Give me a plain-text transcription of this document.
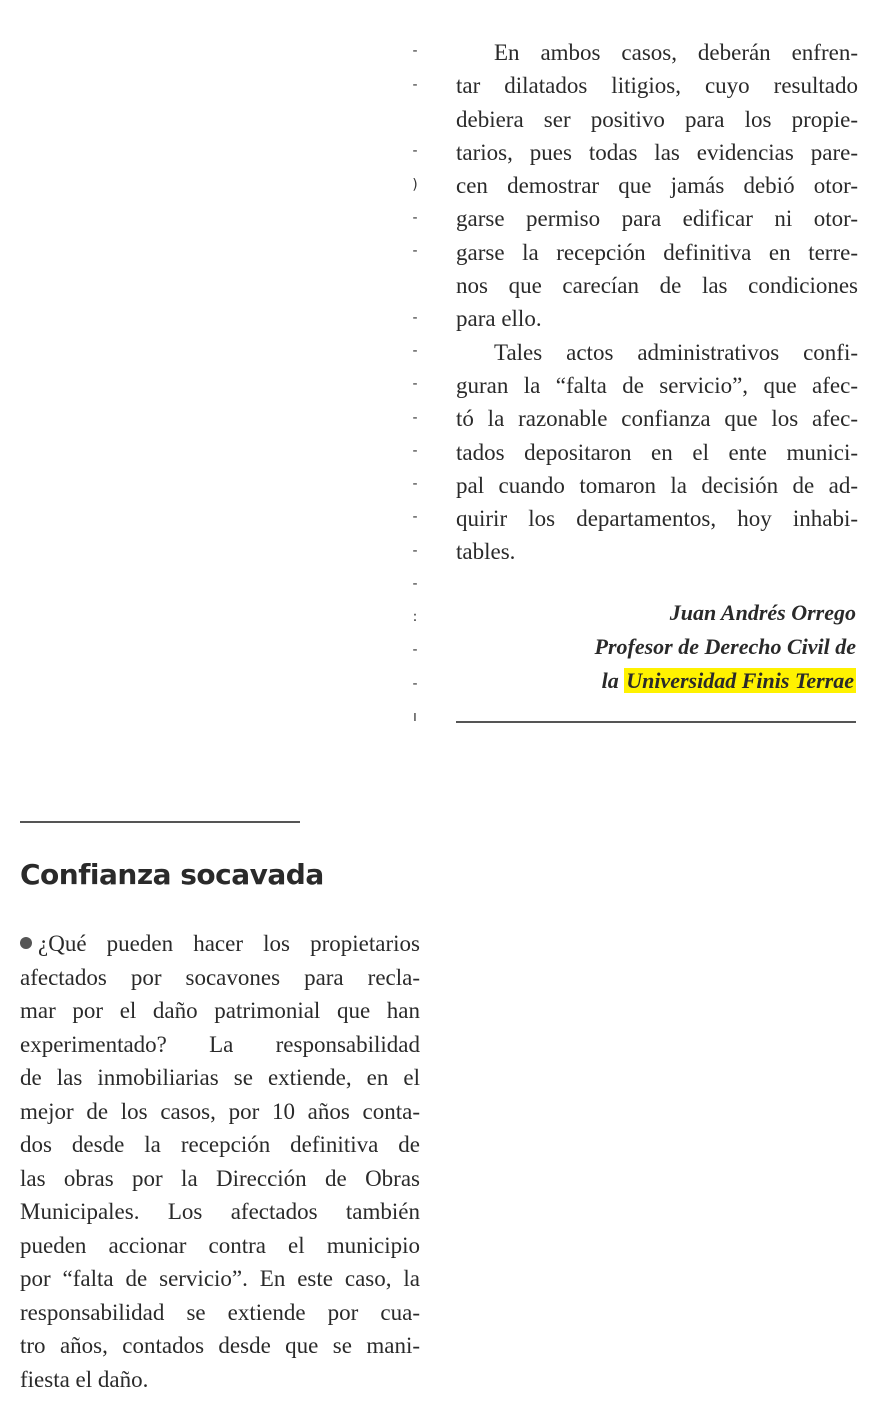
-
-
-
)
-
-
-
-
-
-
-
-
-
-
-
:
-
-
ı
En ambos casos, deberán enfren-
tar dilatados litigios, cuyo resultado
debiera ser positivo para los propie-
tarios, pues todas las evidencias pare-
cen demostrar que jamás debió otor-
garse permiso para edificar ni otor-
garse la recepción definitiva en terre-
nos que carecían de las condiciones
para ello.
Tales actos administrativos confi-
guran la “falta de servicio”, que afec-
tó la razonable confianza que los afec-
tados depositaron en el ente munici-
pal cuando tomaron la decisión de ad-
quirir los departamentos, hoy inhabi-
tables.
Juan Andrés Orrego
Profesor de Derecho Civil de
la Universidad Finis Terrae
Confianza socavada
¿Qué pueden hacer los propietarios
afectados por socavones para recla-
mar por el daño patrimonial que han
experimentado? La responsabilidad
de las inmobiliarias se extiende, en el
mejor de los casos, por 10 años conta-
dos desde la recepción definitiva de
las obras por la Dirección de Obras
Municipales. Los afectados también
pueden accionar contra el municipio
por “falta de servicio”. En este caso, la
responsabilidad se extiende por cua-
tro años, contados desde que se mani-
fiesta el daño.
